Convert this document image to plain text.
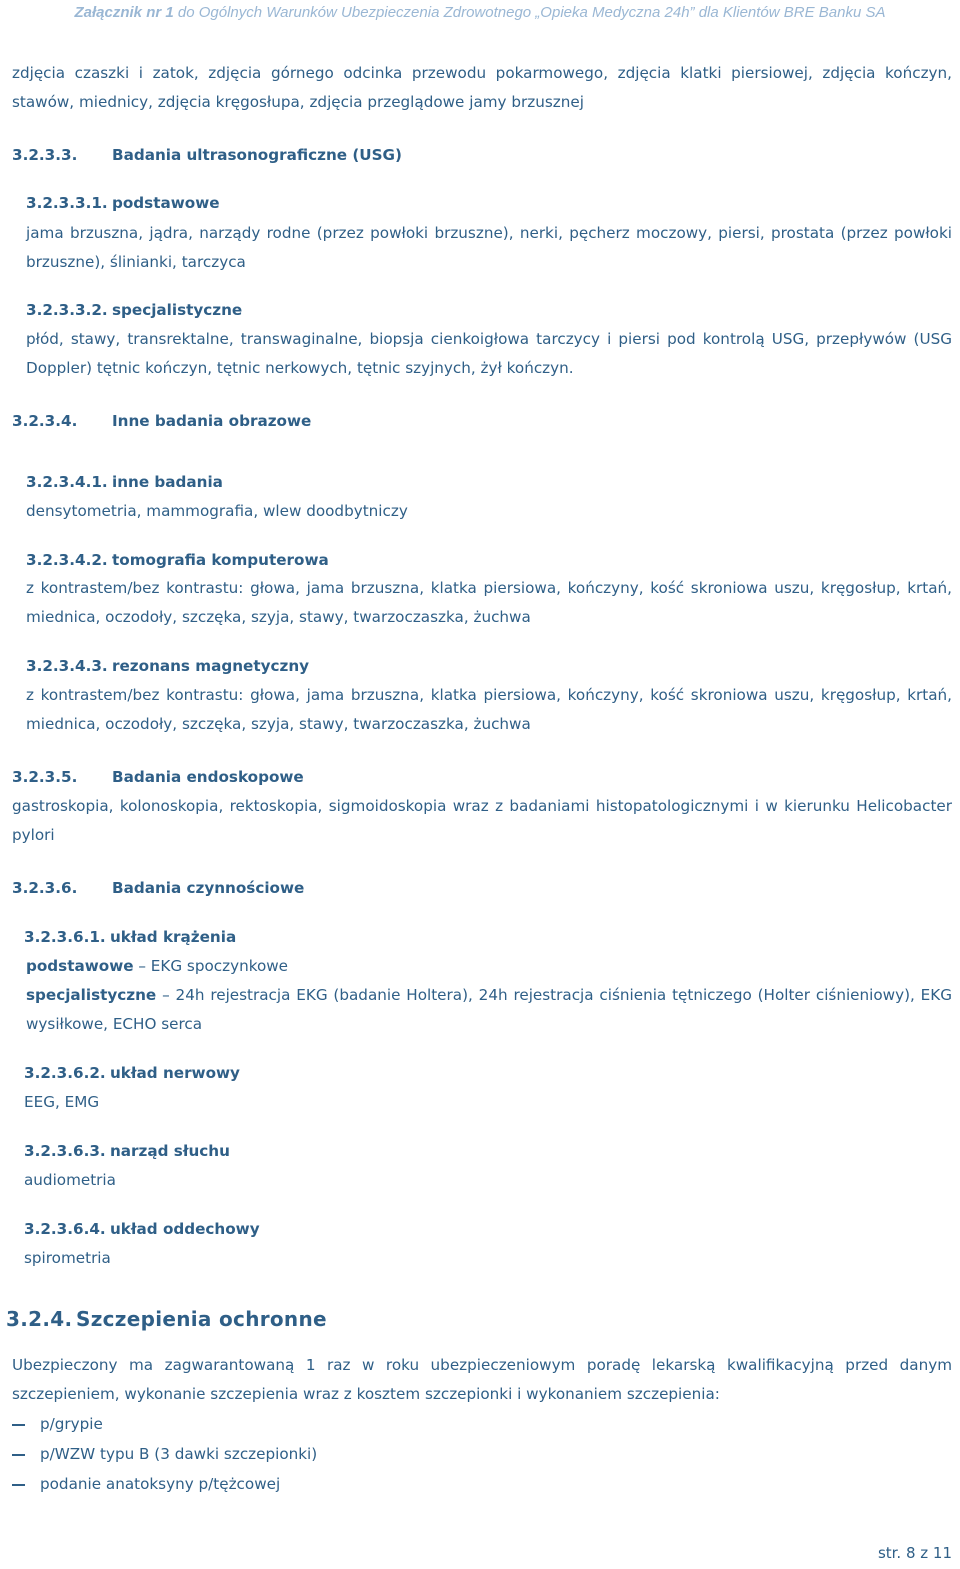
Załącznik nr 1 do Ogólnych Warunków Ubezpieczenia Zdrowotnego „Opieka Medyczna 24h” dla Klientów BRE Banku SA
zdjęcia czaszki i zatok, zdjęcia górnego odcinka przewodu pokarmowego, zdjęcia klatki piersiowej, zdjęcia kończyn, stawów, miednicy, zdjęcia kręgosłupa, zdjęcia przeglądowe jamy brzusznej
3.2.3.3. Badania ultrasonograficzne (USG)
3.2.3.3.1. podstawowe
jama brzuszna, jądra, narządy rodne (przez powłoki brzuszne), nerki, pęcherz moczowy, piersi, prostata (przez powłoki brzuszne), ślinianki, tarczyca
3.2.3.3.2. specjalistyczne
płód, stawy, transrektalne, transwaginalne, biopsja cienkoigłowa tarczycy i piersi pod kontrolą USG, przepływów (USG Doppler) tętnic kończyn, tętnic nerkowych, tętnic szyjnych, żył kończyn.
3.2.3.4. Inne badania obrazowe
3.2.3.4.1. inne badania
densytometria, mammografia, wlew doodbytniczy
3.2.3.4.2. tomografia komputerowa
z kontrastem/bez kontrastu: głowa, jama brzuszna, klatka piersiowa, kończyny, kość skroniowa uszu, kręgosłup, krtań, miednica, oczodoły, szczęka, szyja, stawy, twarzoczaszka, żuchwa
3.2.3.4.3. rezonans magnetyczny
z kontrastem/bez kontrastu: głowa, jama brzuszna, klatka piersiowa, kończyny, kość skroniowa uszu, kręgosłup, krtań, miednica, oczodoły, szczęka, szyja, stawy, twarzoczaszka, żuchwa
3.2.3.5. Badania endoskopowe
gastroskopia, kolonoskopia, rektoskopia, sigmoidoskopia wraz z badaniami histopatologicznymi i w kierunku Helicobacter pylori
3.2.3.6. Badania czynnościowe
3.2.3.6.1. układ krążenia
podstawowe – EKG spoczynkowe
specjalistyczne – 24h rejestracja EKG (badanie Holtera), 24h rejestracja ciśnienia tętniczego (Holter ciśnieniowy), EKG wysiłkowe, ECHO serca
3.2.3.6.2. układ nerwowy
EEG, EMG
3.2.3.6.3. narząd słuchu
audiometria
3.2.3.6.4. układ oddechowy
spirometria
3.2.4. Szczepienia ochronne
Ubezpieczony ma zagwarantowaną 1 raz w roku ubezpieczeniowym poradę lekarską kwalifikacyjną przed danym szczepieniem, wykonanie szczepienia wraz z kosztem szczepionki i wykonaniem szczepienia:
p/grypie
p/WZW typu B (3 dawki szczepionki)
podanie anatoksyny p/tężcowej
str. 8 z 11
